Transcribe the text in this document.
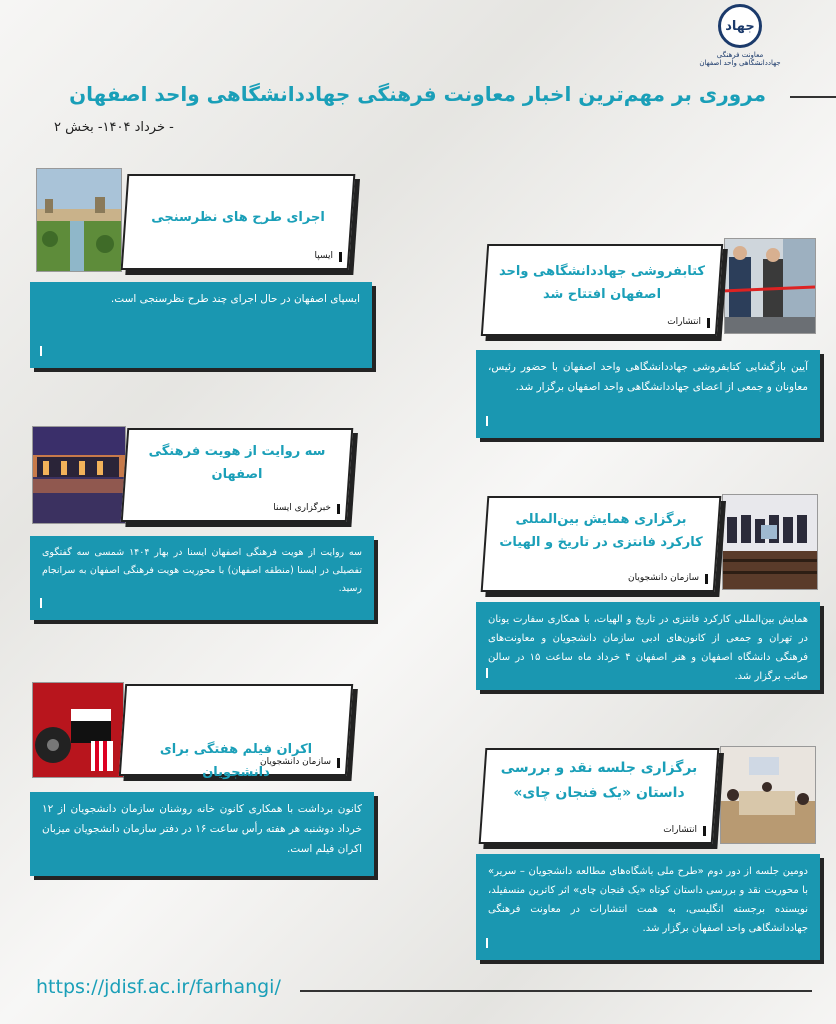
جهاد
معاونت فرهنگی جهاددانشگاهی واحد اصفهان
مروری بر مهم‌ترین اخبار معاونت فرهنگی جهاددانشگاهی واحد اصفهان
- خرداد ۱۴۰۴- بخش ۲
ایسپای اصفهان در حال اجرای چند طرح نظرسنجی است.
اجرای طرح های نظرسنجی
ایسپا
آیین بازگشایی کتابفروشی جهاددانشگاهی واحد اصفهان با حضور رئیس، معاونان و جمعی از اعضای جهاددانشگاهی واحد اصفهان برگزار شد.
کتابفروشی جهاددانشگاهی واحد اصفهان افتتاح شد
انتشارات
سه روایت از هویت فرهنگی اصفهان ایسنا در بهار ۱۴۰۴ شمسی سه گفتگوی تفصیلی در ایسنا (منطقه اصفهان) با محوریت هویت فرهنگی اصفهان به سرانجام رسید.
سه روایت از هویت فرهنگی اصفهان
خبرگزاری ایسنا
همایش بین‌المللی کارکرد فانتزی در تاریخ و الهیات، با همکاری سفارت یونان در تهران و جمعی از کانون‌های ادبی سازمان دانشجویان و معاونت‌های فرهنگی دانشگاه اصفهان و هنر اصفهان ۴ خرداد ماه ساعت ۱۵ در سالن صائب برگزار شد.
برگزاری همایش بین‌المللی کارکرد فانتزی در تاریخ و الهیات
سازمان دانشجویان
کانون برداشت با همکاری کانون خانه روشنان سازمان دانشجویان از ۱۲ خرداد دوشنبه هر هفته رأس ساعت ۱۶ در دفتر سازمان دانشجویان میزبان اکران فیلم است.
اکران فیلم هفتگی برای دانشجویان
سازمان دانشجویان
دومین جلسه از دور دوم «طرح ملی باشگاه‌های مطالعه دانشجویان – سریر» با محوریت نقد و بررسی داستان کوتاه «یک فنجان چای» اثر کاترین منسفیلد، نویسنده برجسته انگلیسی، به همت انتشارات در معاونت فرهنگی جهاددانشگاهی واحد اصفهان برگزار شد.
برگزاری جلسه نقد و بررسی داستان «یک فنجان چای»
انتشارات
https://jdisf.ac.ir/farhangi/
